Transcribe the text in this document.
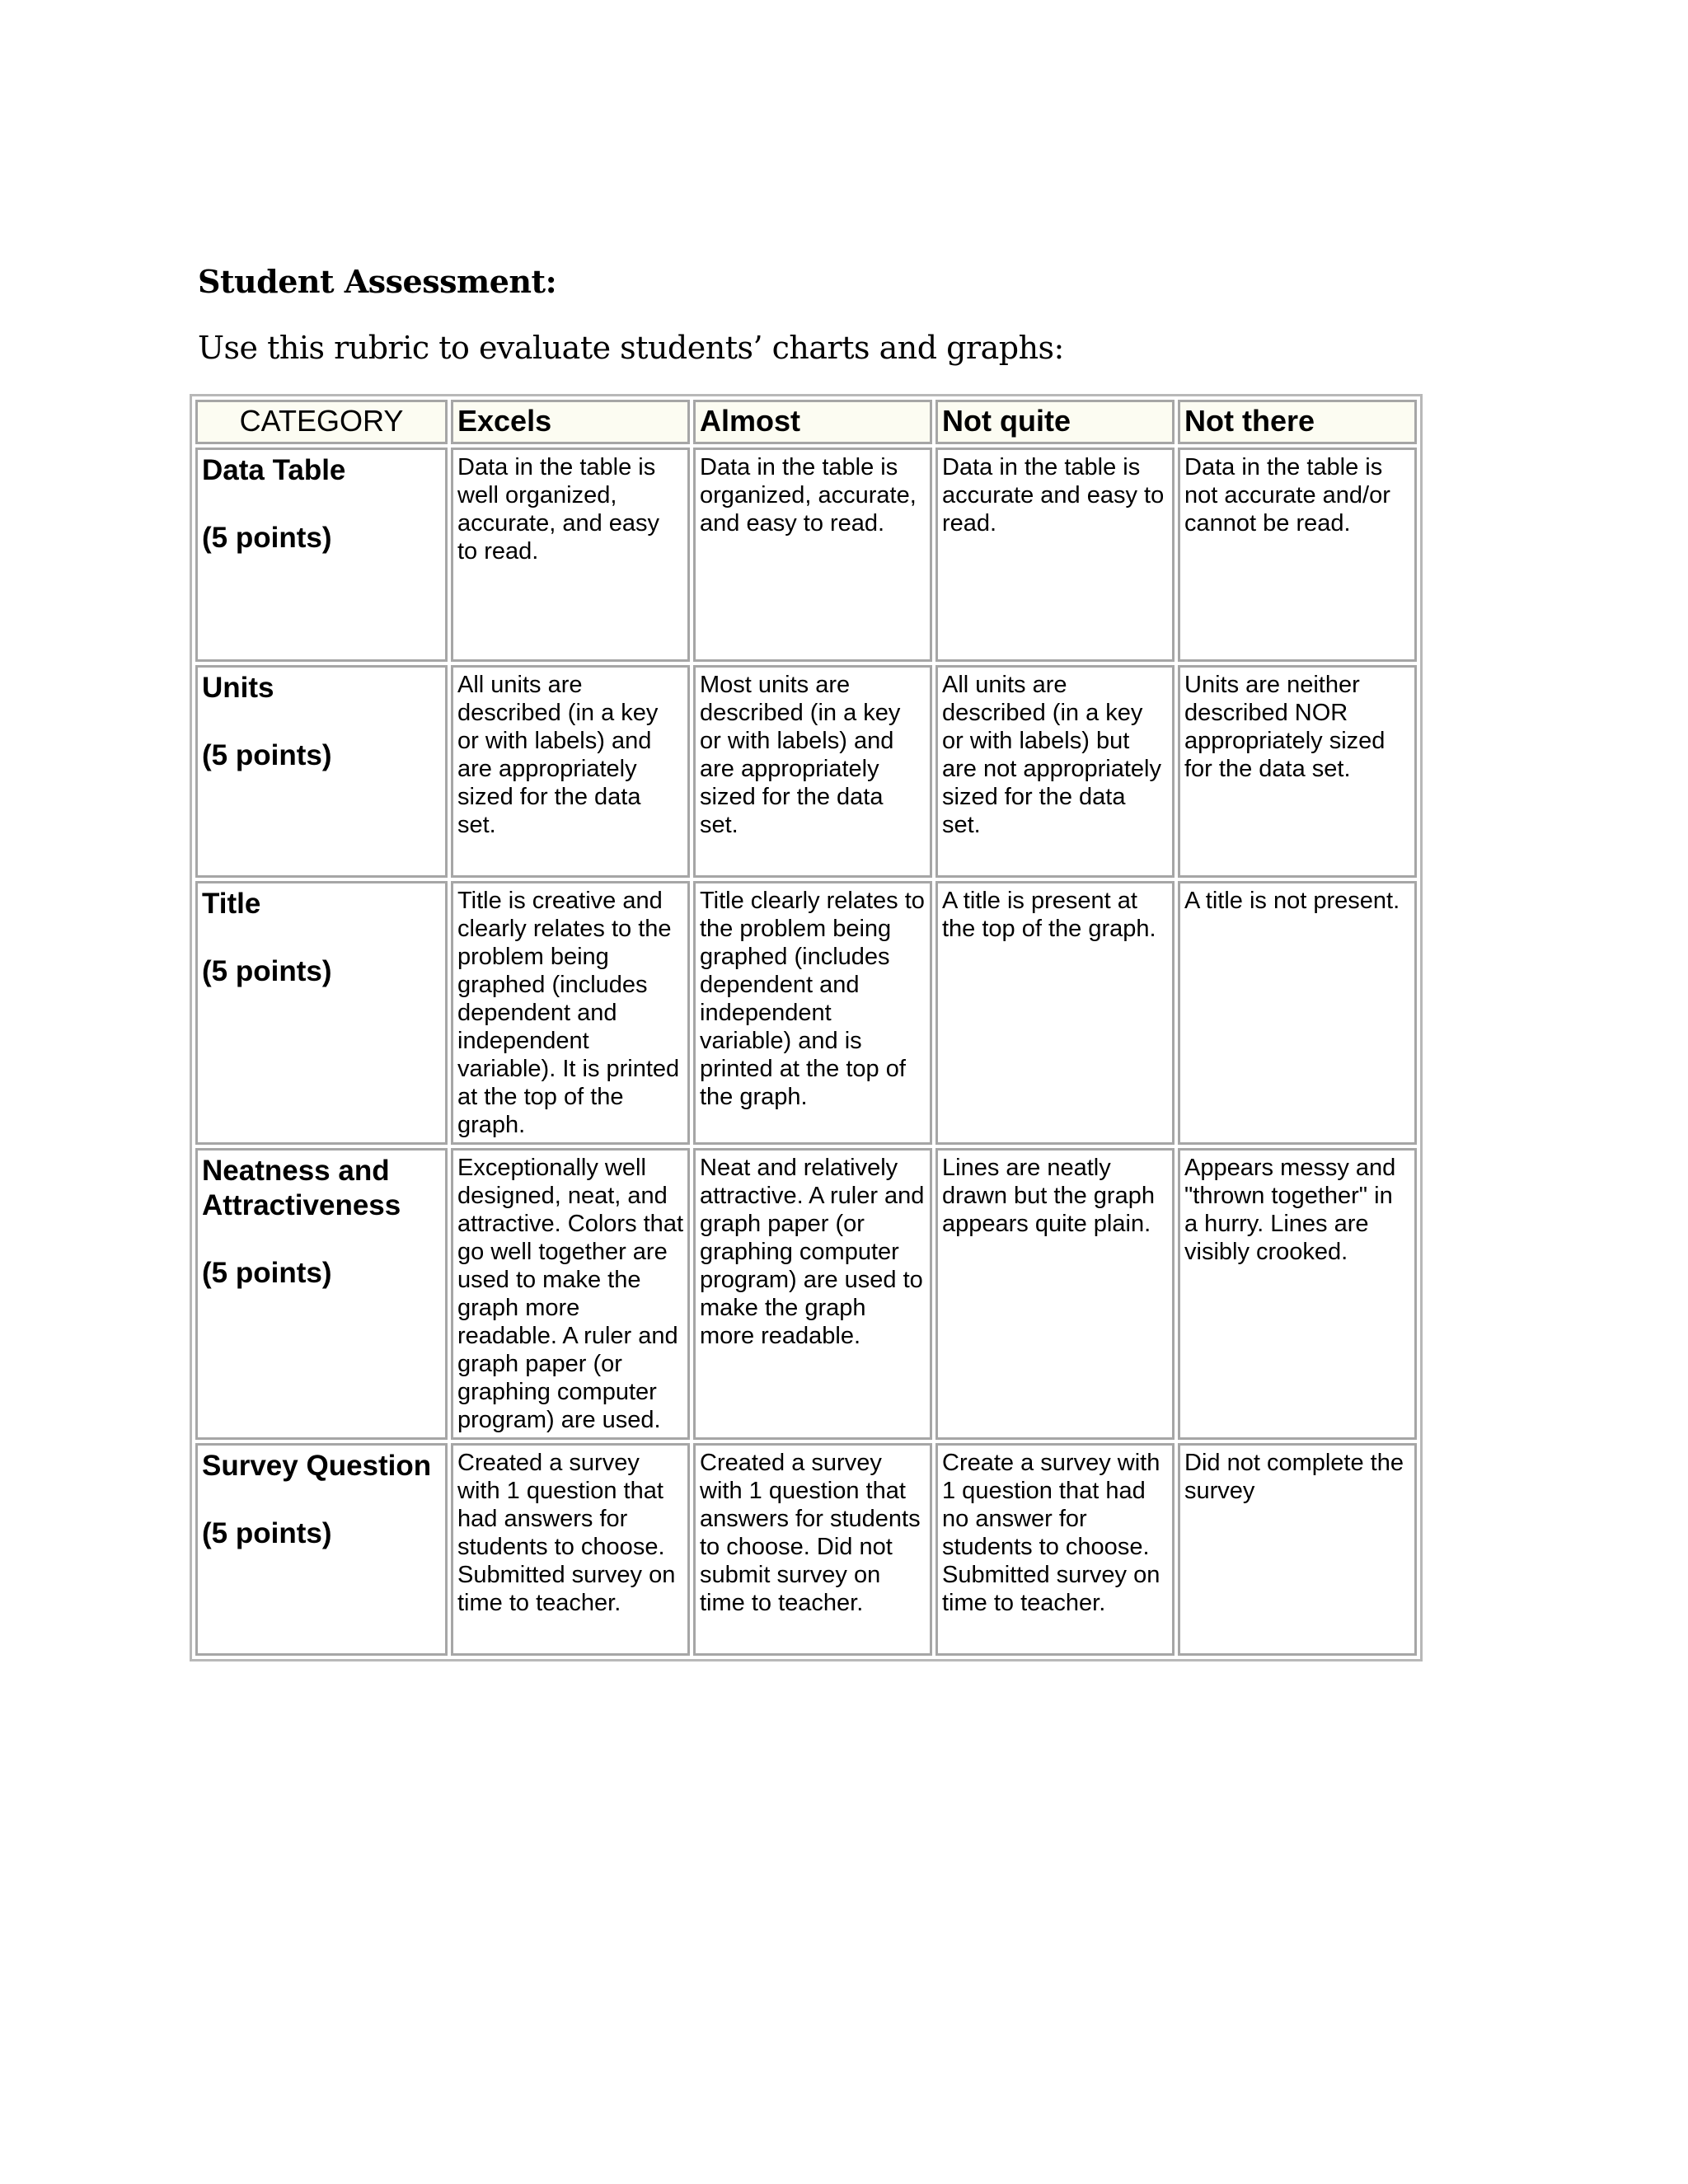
Student Assessment:

Use this rubric to evaluate students’ charts and graphs:

CATEGORY	Excels	Almost	Not quite	Not there

Data Table
(5 points)	Data in the table is well organized, accurate, and easy to read.	Data in the table is organized, accurate, and easy to read.	Data in the table is accurate and easy to read.	Data in the table is not accurate and/or cannot be read.

Units
(5 points)	All units are described (in a key or with labels) and are appropriately sized for the data set.	Most units are described (in a key or with labels) and are appropriately sized for the data set.	All units are described (in a key or with labels) but are not appropriately sized for the data set.	Units are neither described NOR appropriately sized for the data set.

Title
(5 points)	Title is creative and clearly relates to the problem being graphed (includes dependent and independent variable). It is printed at the top of the graph.	Title clearly relates to the problem being graphed (includes dependent and independent variable) and is printed at the top of the graph.	A title is present at the top of the graph.	A title is not present.

Neatness and Attractiveness
(5 points)	Exceptionally well designed, neat, and attractive. Colors that go well together are used to make the graph more readable. A ruler and graph paper (or graphing computer program) are used.	Neat and relatively attractive. A ruler and graph paper (or graphing computer program) are used to make the graph more readable.	Lines are neatly drawn but the graph appears quite plain.	Appears messy and "thrown together" in a hurry. Lines are visibly crooked.

Survey Question
(5 points)	Created a survey with 1 question that had answers for students to choose. Submitted survey on time to teacher.	Created a survey with 1 question that answers for students to choose. Did not submit survey on time to teacher.	Create a survey with 1 question that had no answer for students to choose. Submitted survey on time to teacher.	Did not complete the survey
